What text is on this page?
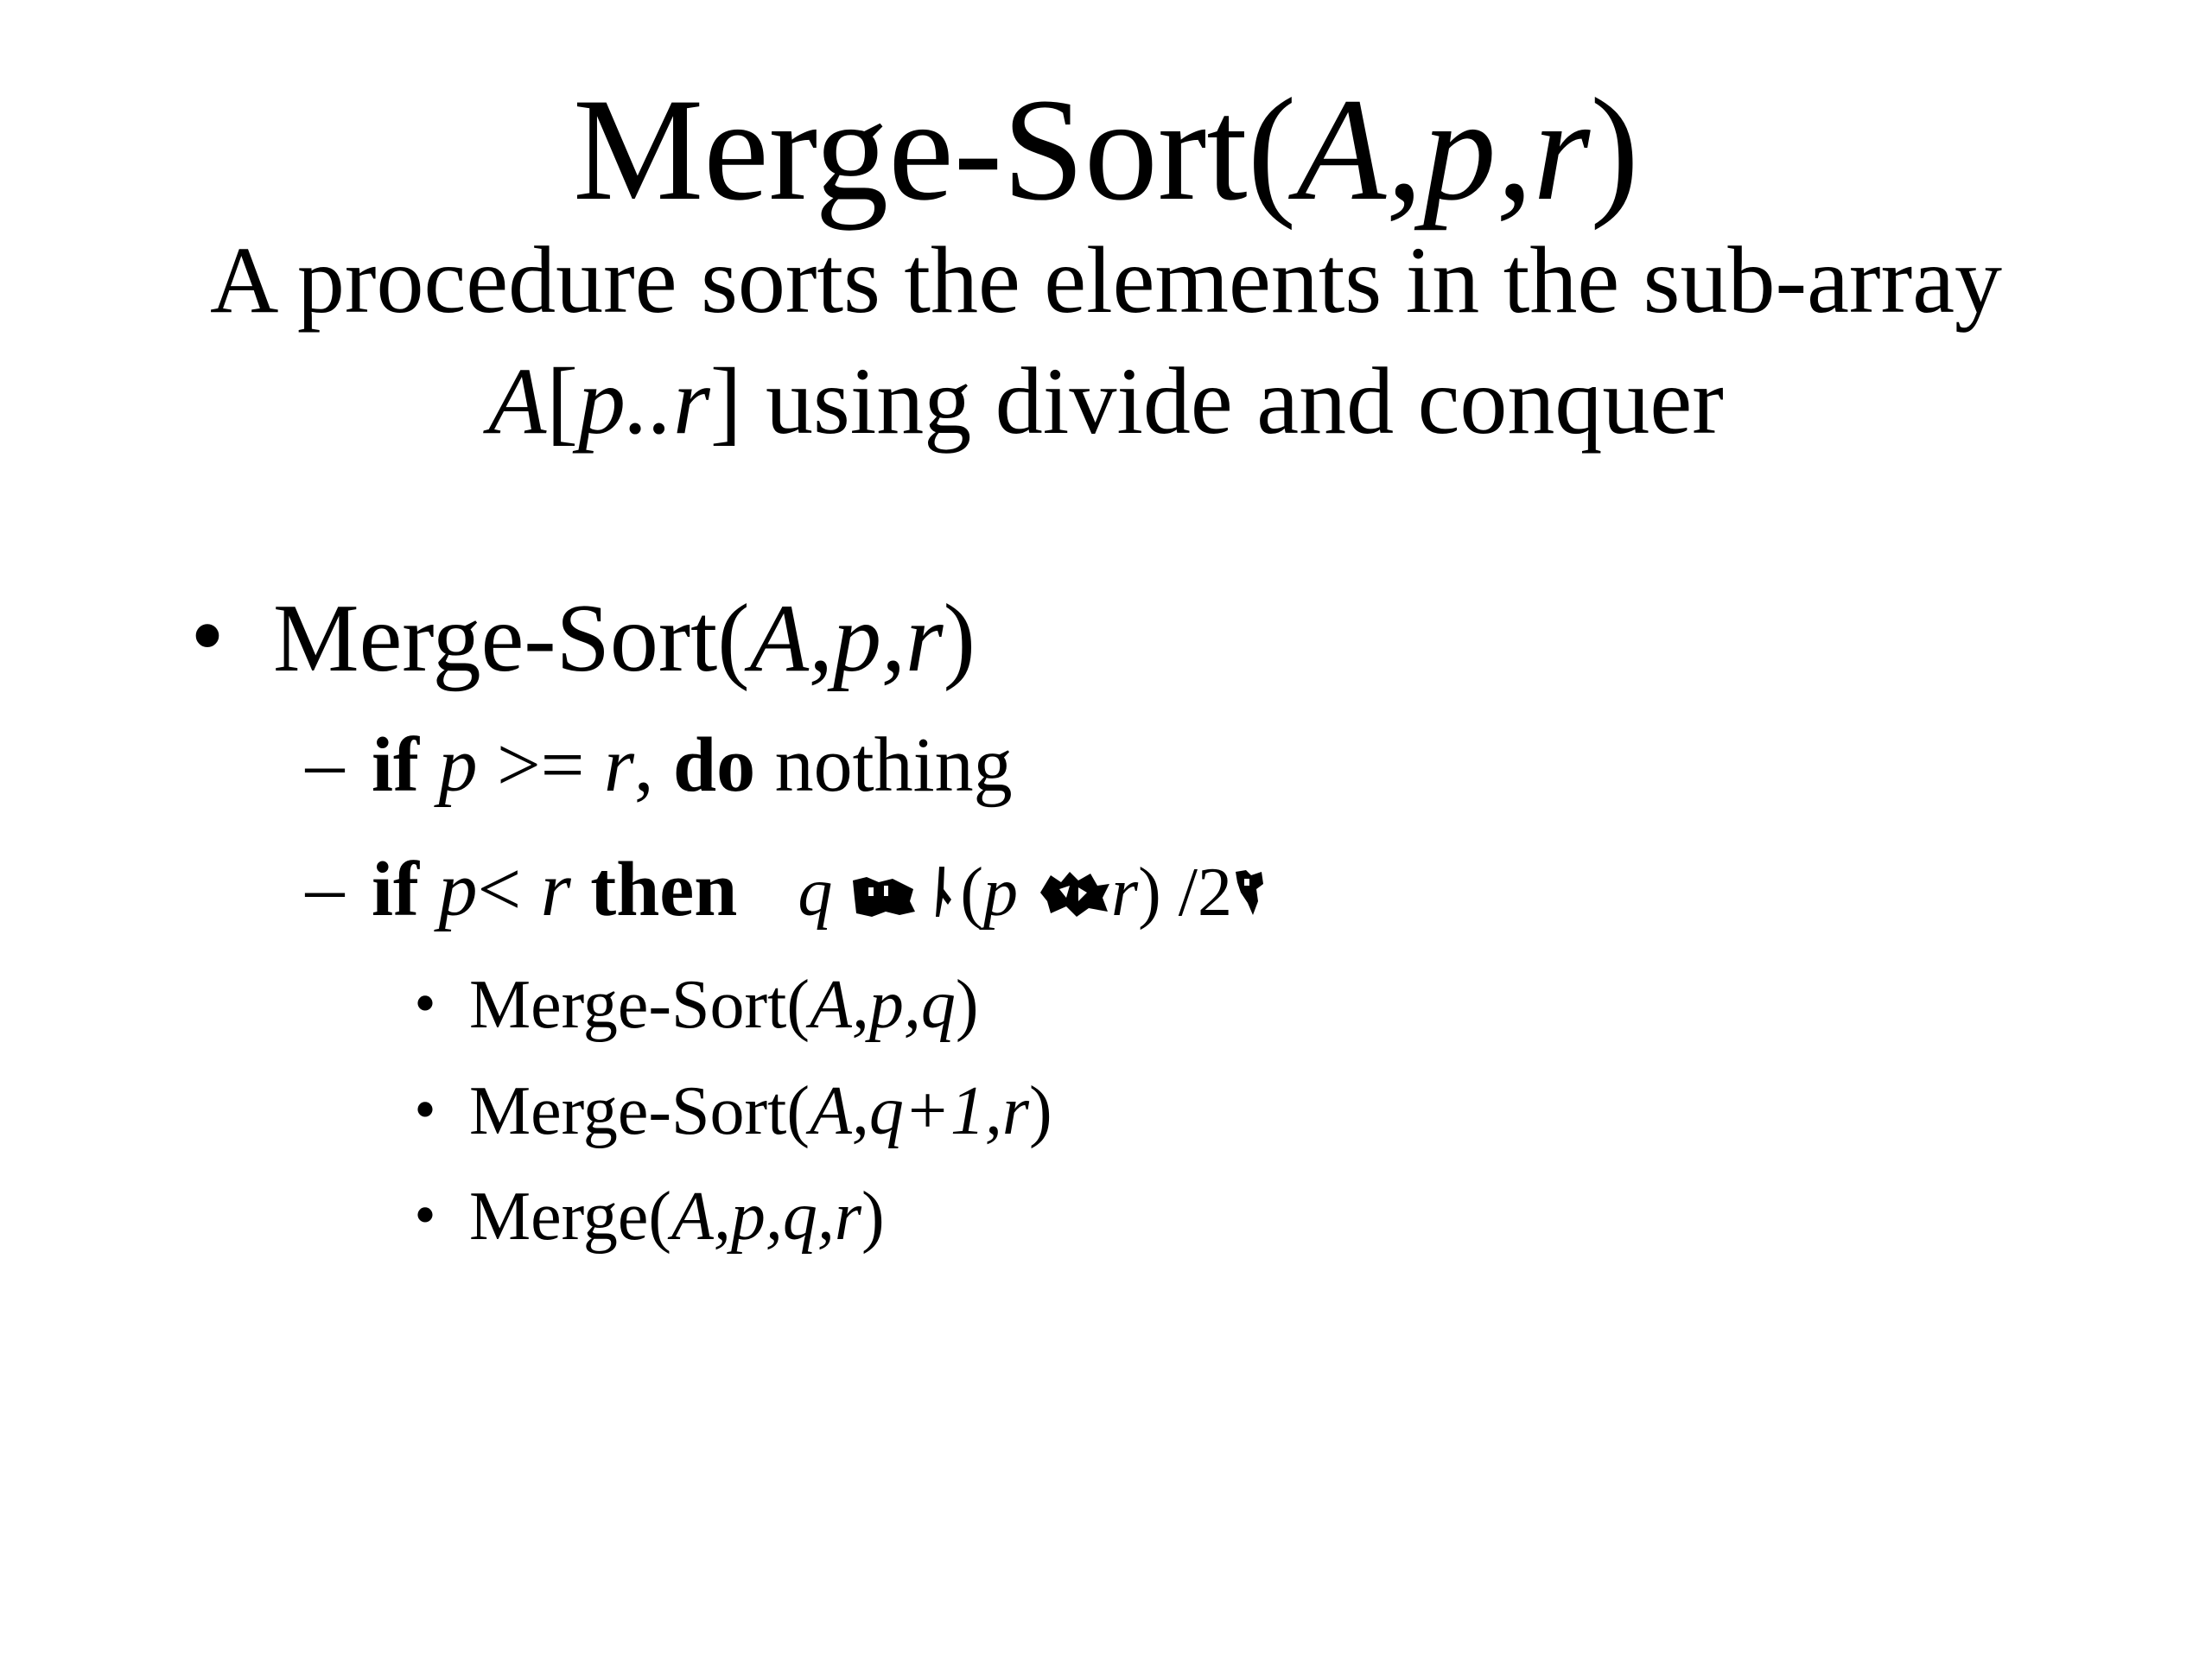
Merge-Sort(A,p,r)
A procedure sorts the elements in the sub-array
A[p..r] using divide and conquer
• Merge-Sort(A,p,r)
– if p >= r, do nothing
– if p< r then q (p r) /2
• Merge-Sort(A,p,q)
• Merge-Sort(A,q+1,r)
• Merge(A,p,q,r)
